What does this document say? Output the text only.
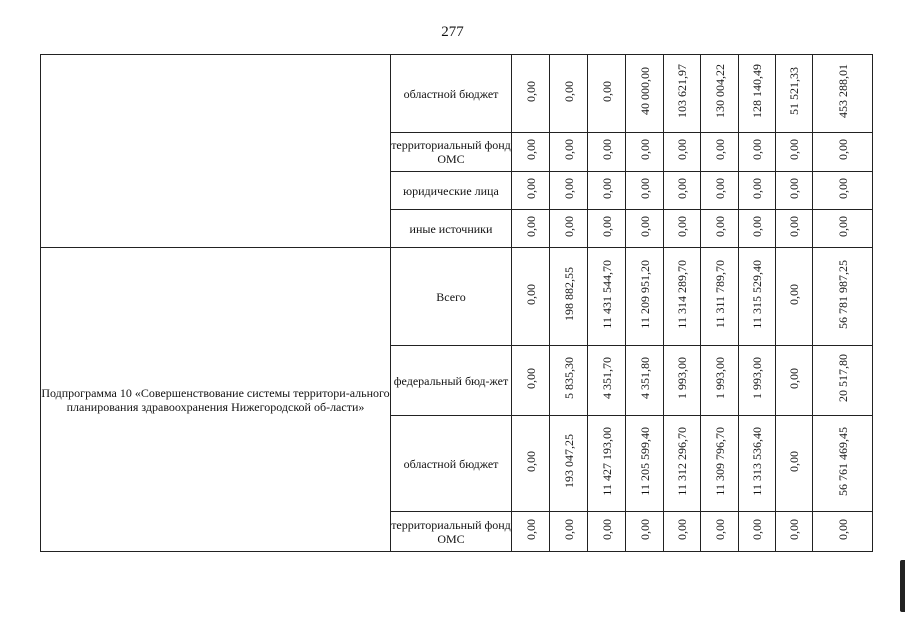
277
	областной бюджет	0,00	0,00	0,00	40 000,00	103 621,97	130 004,22	128 140,49	51 521,33	453 288,01
	территориальный фонд ОМС	0,00	0,00	0,00	0,00	0,00	0,00	0,00	0,00	0,00
	юридические лица	0,00	0,00	0,00	0,00	0,00	0,00	0,00	0,00	0,00
	иные источники	0,00	0,00	0,00	0,00	0,00	0,00	0,00	0,00	0,00
Подпрограмма 10 «Совершенствование системы территори-ального планирования здравоохранения Нижегородской об-ласти»	Всего	0,00	198 882,55	11 431 544,70	11 209 951,20	11 314 289,70	11 311 789,70	11 315 529,40	0,00	56 781 987,25
	федеральный бюд-жет	0,00	5 835,30	4 351,70	4 351,80	1 993,00	1 993,00	1 993,00	0,00	20 517,80
	областной бюджет	0,00	193 047,25	11 427 193,00	11 205 599,40	11 312 296,70	11 309 796,70	11 313 536,40	0,00	56 761 469,45
	территориальный фонд ОМС	0,00	0,00	0,00	0,00	0,00	0,00	0,00	0,00	0,00
